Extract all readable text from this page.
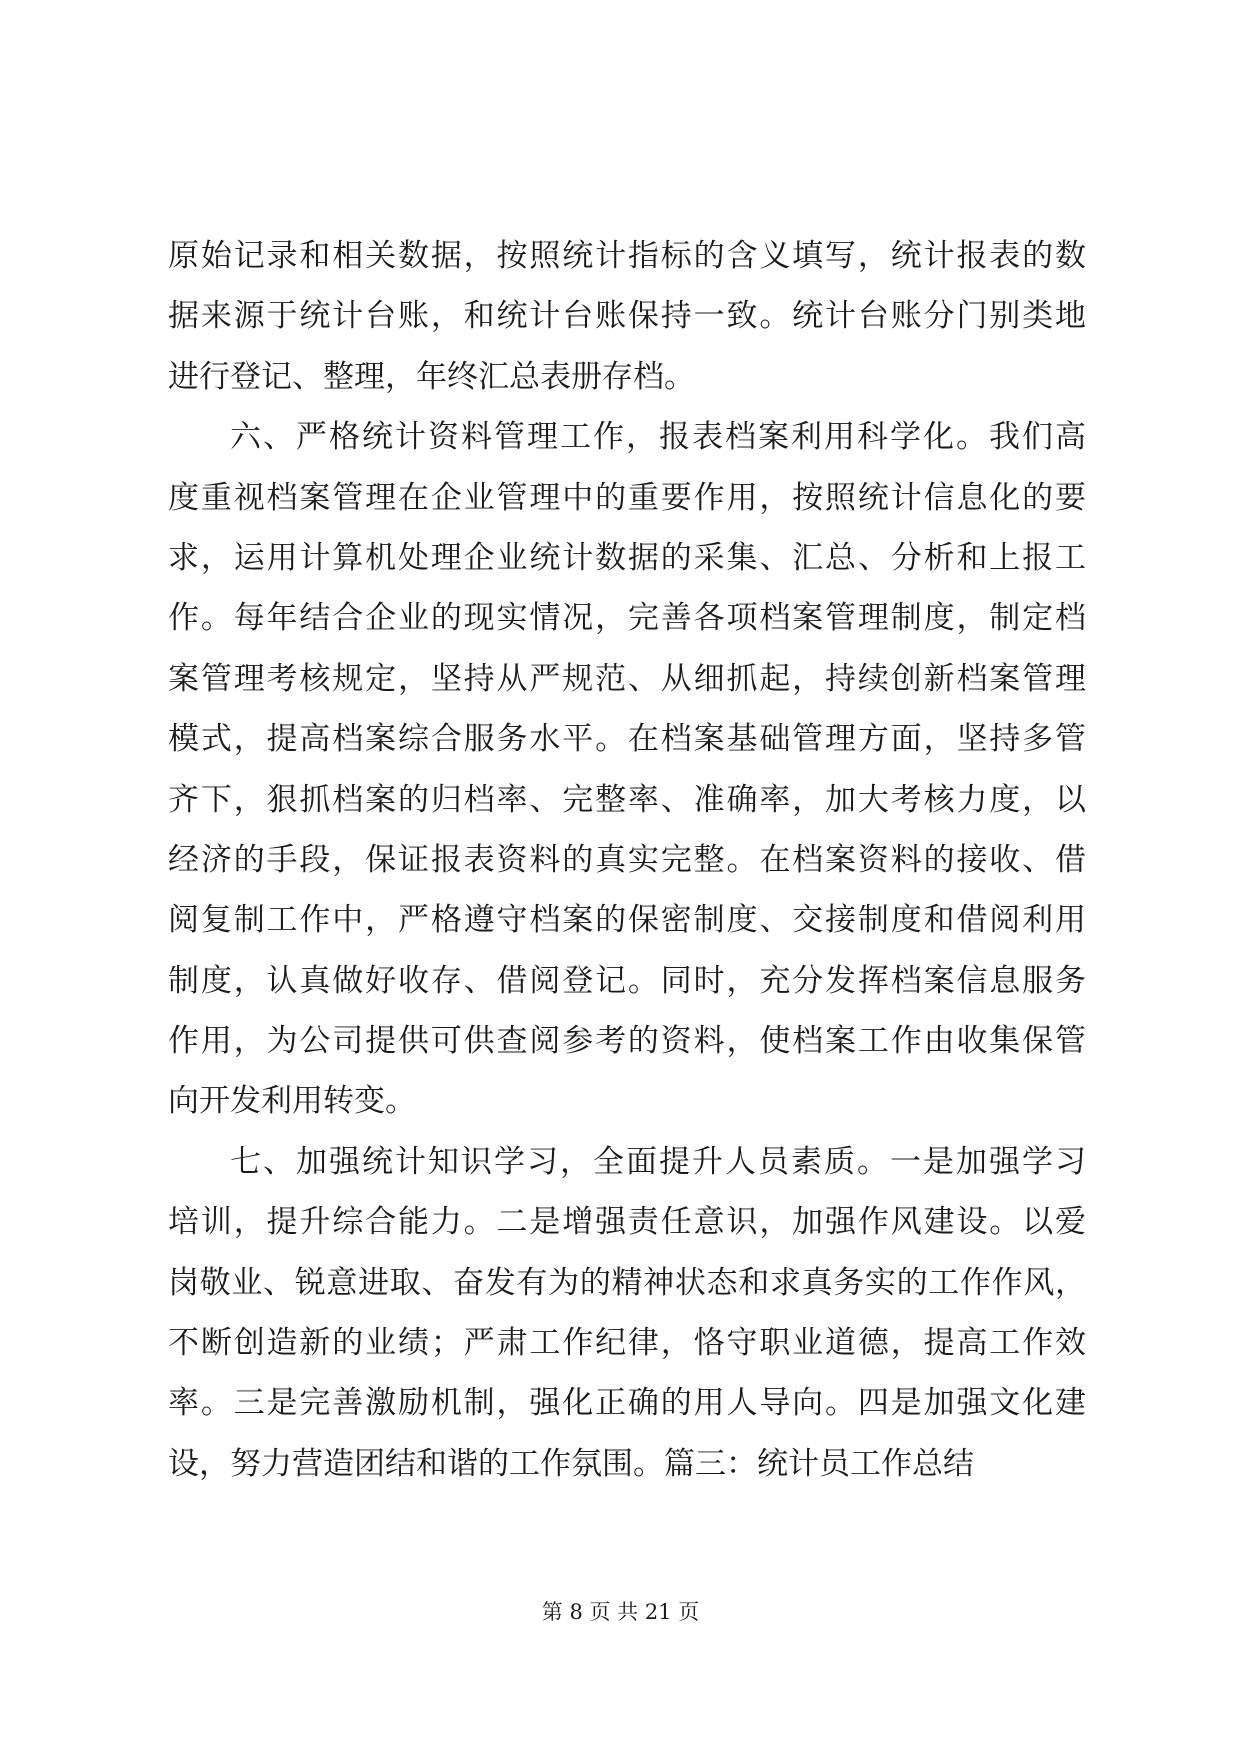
原始记录和相关数据，按照统计指标的含义填写，统计报表的数
据来源于统计台账，和统计台账保持一致。统计台账分门别类地
进行登记、整理，年终汇总表册存档。
六、严格统计资料管理工作，报表档案利用科学化。我们高
度重视档案管理在企业管理中的重要作用，按照统计信息化的要
求，运用计算机处理企业统计数据的采集、汇总、分析和上报工
作。每年结合企业的现实情况，完善各项档案管理制度，制定档
案管理考核规定，坚持从严规范、从细抓起，持续创新档案管理
模式，提高档案综合服务水平。在档案基础管理方面，坚持多管
齐下，狠抓档案的归档率、完整率、准确率，加大考核力度，以
经济的手段，保证报表资料的真实完整。在档案资料的接收、借
阅复制工作中，严格遵守档案的保密制度、交接制度和借阅利用
制度，认真做好收存、借阅登记。同时，充分发挥档案信息服务
作用，为公司提供可供查阅参考的资料，使档案工作由收集保管
向开发利用转变。
七、加强统计知识学习，全面提升人员素质。一是加强学习
培训，提升综合能力。二是增强责任意识，加强作风建设。以爱
岗敬业、锐意进取、奋发有为的精神状态和求真务实的工作作风，
不断创造新的业绩；严肃工作纪律，恪守职业道德，提高工作效
率。三是完善激励机制，强化正确的用人导向。四是加强文化建
设，努力营造团结和谐的工作氛围。篇三：统计员工作总结
第 8 页 共 21 页
